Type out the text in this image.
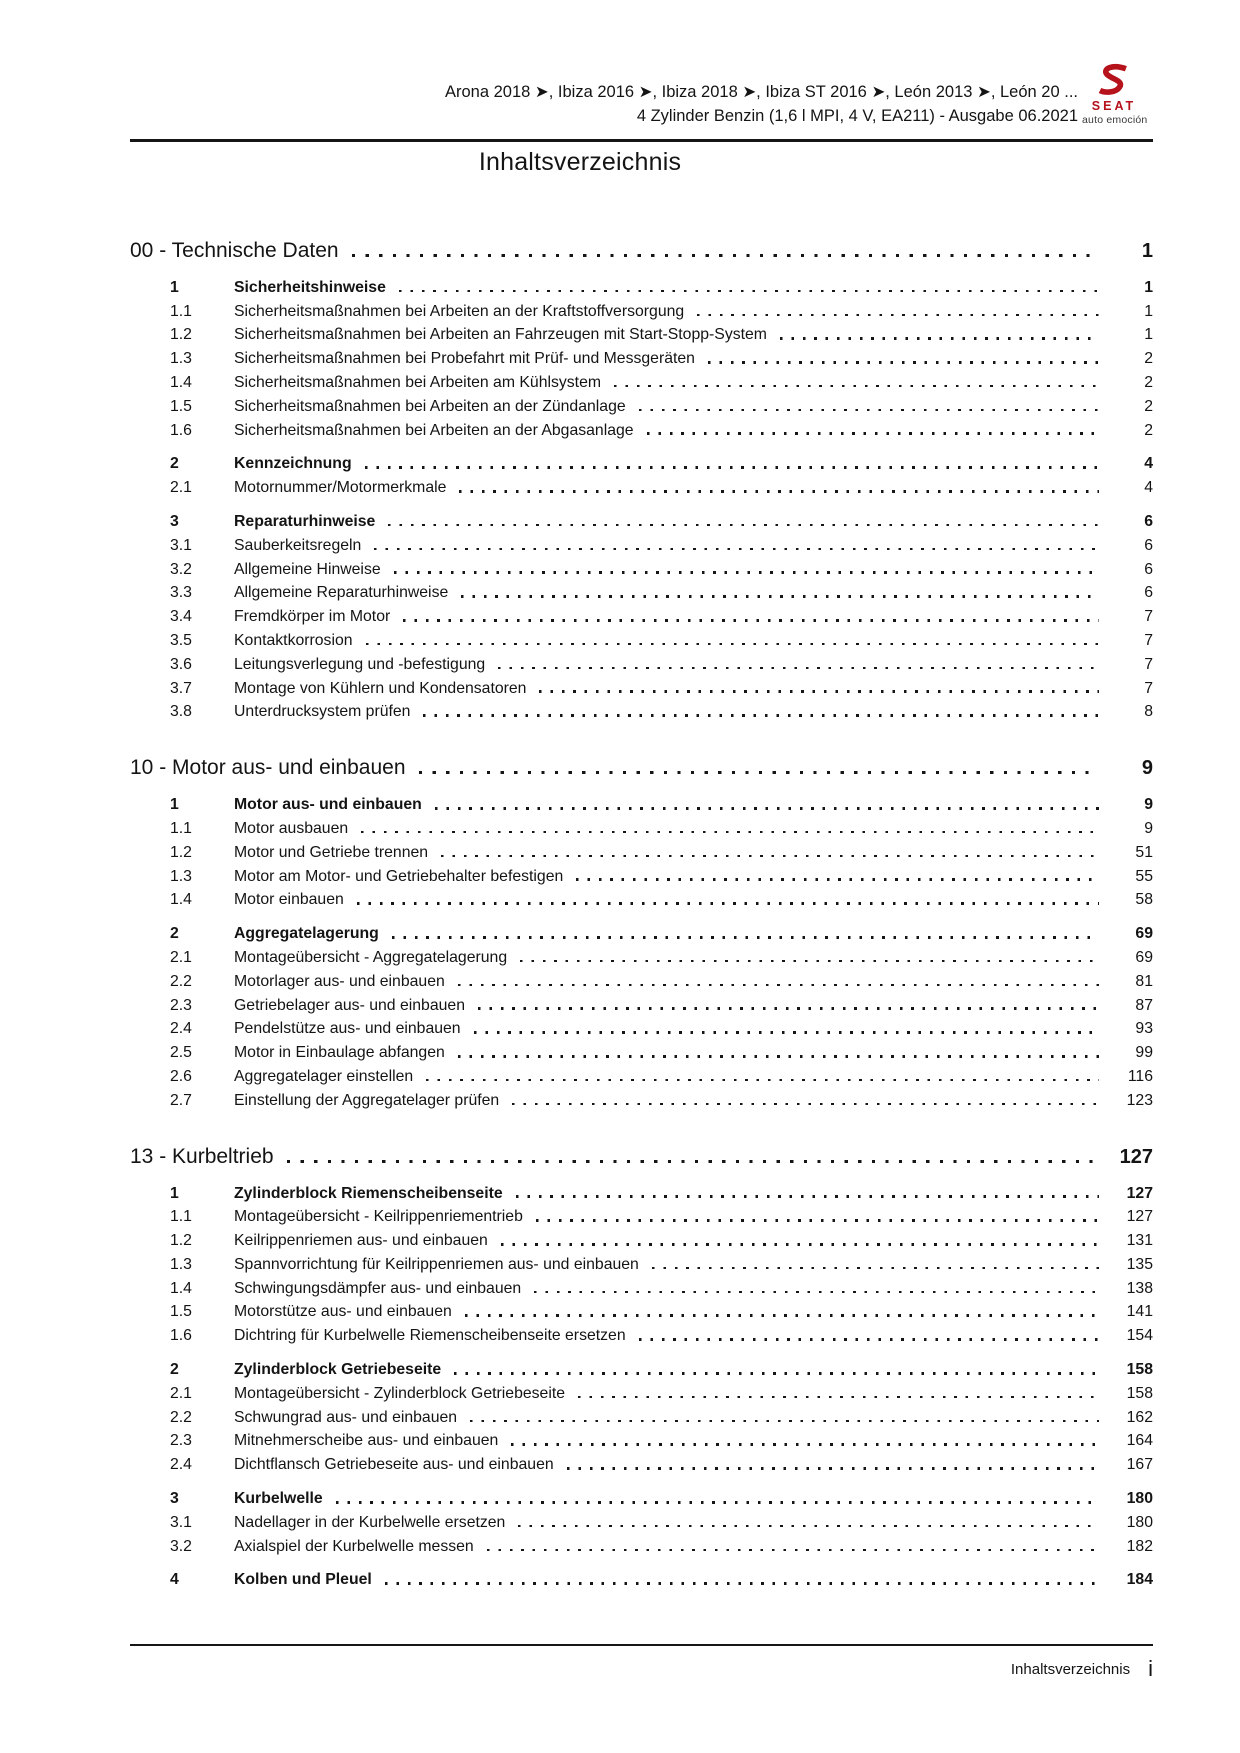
Arona 2018 ➤, Ibiza 2016 ➤, Ibiza 2018 ➤, Ibiza ST 2016 ➤, León 2013 ➤, León 20 ...
4 Zylinder Benzin (1,6 l MPI, 4 V, EA211) - Ausgabe 06.2021
SEAT
auto emoción
Inhaltsverzeichnis
00 - Technische Daten	1
1	Sicherheitshinweise	1
1.1	Sicherheitsmaßnahmen bei Arbeiten an der Kraftstoffversorgung	1
1.2	Sicherheitsmaßnahmen bei Arbeiten an Fahrzeugen mit Start-Stopp-System	1
1.3	Sicherheitsmaßnahmen bei Probefahrt mit Prüf- und Messgeräten	2
1.4	Sicherheitsmaßnahmen bei Arbeiten am Kühlsystem	2
1.5	Sicherheitsmaßnahmen bei Arbeiten an der Zündanlage	2
1.6	Sicherheitsmaßnahmen bei Arbeiten an der Abgasanlage	2
2	Kennzeichnung	4
2.1	Motornummer/Motormerkmale	4
3	Reparaturhinweise	6
3.1	Sauberkeitsregeln	6
3.2	Allgemeine Hinweise	6
3.3	Allgemeine Reparaturhinweise	6
3.4	Fremdkörper im Motor	7
3.5	Kontaktkorrosion	7
3.6	Leitungsverlegung und -befestigung	7
3.7	Montage von Kühlern und Kondensatoren	7
3.8	Unterdrucksystem prüfen	8
10 - Motor aus- und einbauen	9
1	Motor aus- und einbauen	9
1.1	Motor ausbauen	9
1.2	Motor und Getriebe trennen	51
1.3	Motor am Motor- und Getriebehalter befestigen	55
1.4	Motor einbauen	58
2	Aggregatelagerung	69
2.1	Montageübersicht - Aggregatelagerung	69
2.2	Motorlager aus- und einbauen	81
2.3	Getriebelager aus- und einbauen	87
2.4	Pendelstütze aus- und einbauen	93
2.5	Motor in Einbaulage abfangen	99
2.6	Aggregatelager einstellen	116
2.7	Einstellung der Aggregatelager prüfen	123
13 - Kurbeltrieb	127
1	Zylinderblock Riemenscheibenseite	127
1.1	Montageübersicht - Keilrippenriementrieb	127
1.2	Keilrippenriemen aus- und einbauen	131
1.3	Spannvorrichtung für Keilrippenriemen aus- und einbauen	135
1.4	Schwingungsdämpfer aus- und einbauen	138
1.5	Motorstütze aus- und einbauen	141
1.6	Dichtring für Kurbelwelle Riemenscheibenseite ersetzen	154
2	Zylinderblock Getriebeseite	158
2.1	Montageübersicht - Zylinderblock Getriebeseite	158
2.2	Schwungrad aus- und einbauen	162
2.3	Mitnehmerscheibe aus- und einbauen	164
2.4	Dichtflansch Getriebeseite aus- und einbauen	167
3	Kurbelwelle	180
3.1	Nadellager in der Kurbelwelle ersetzen	180
3.2	Axialspiel der Kurbelwelle messen	182
4	Kolben und Pleuel	184
Inhaltsverzeichnis i
